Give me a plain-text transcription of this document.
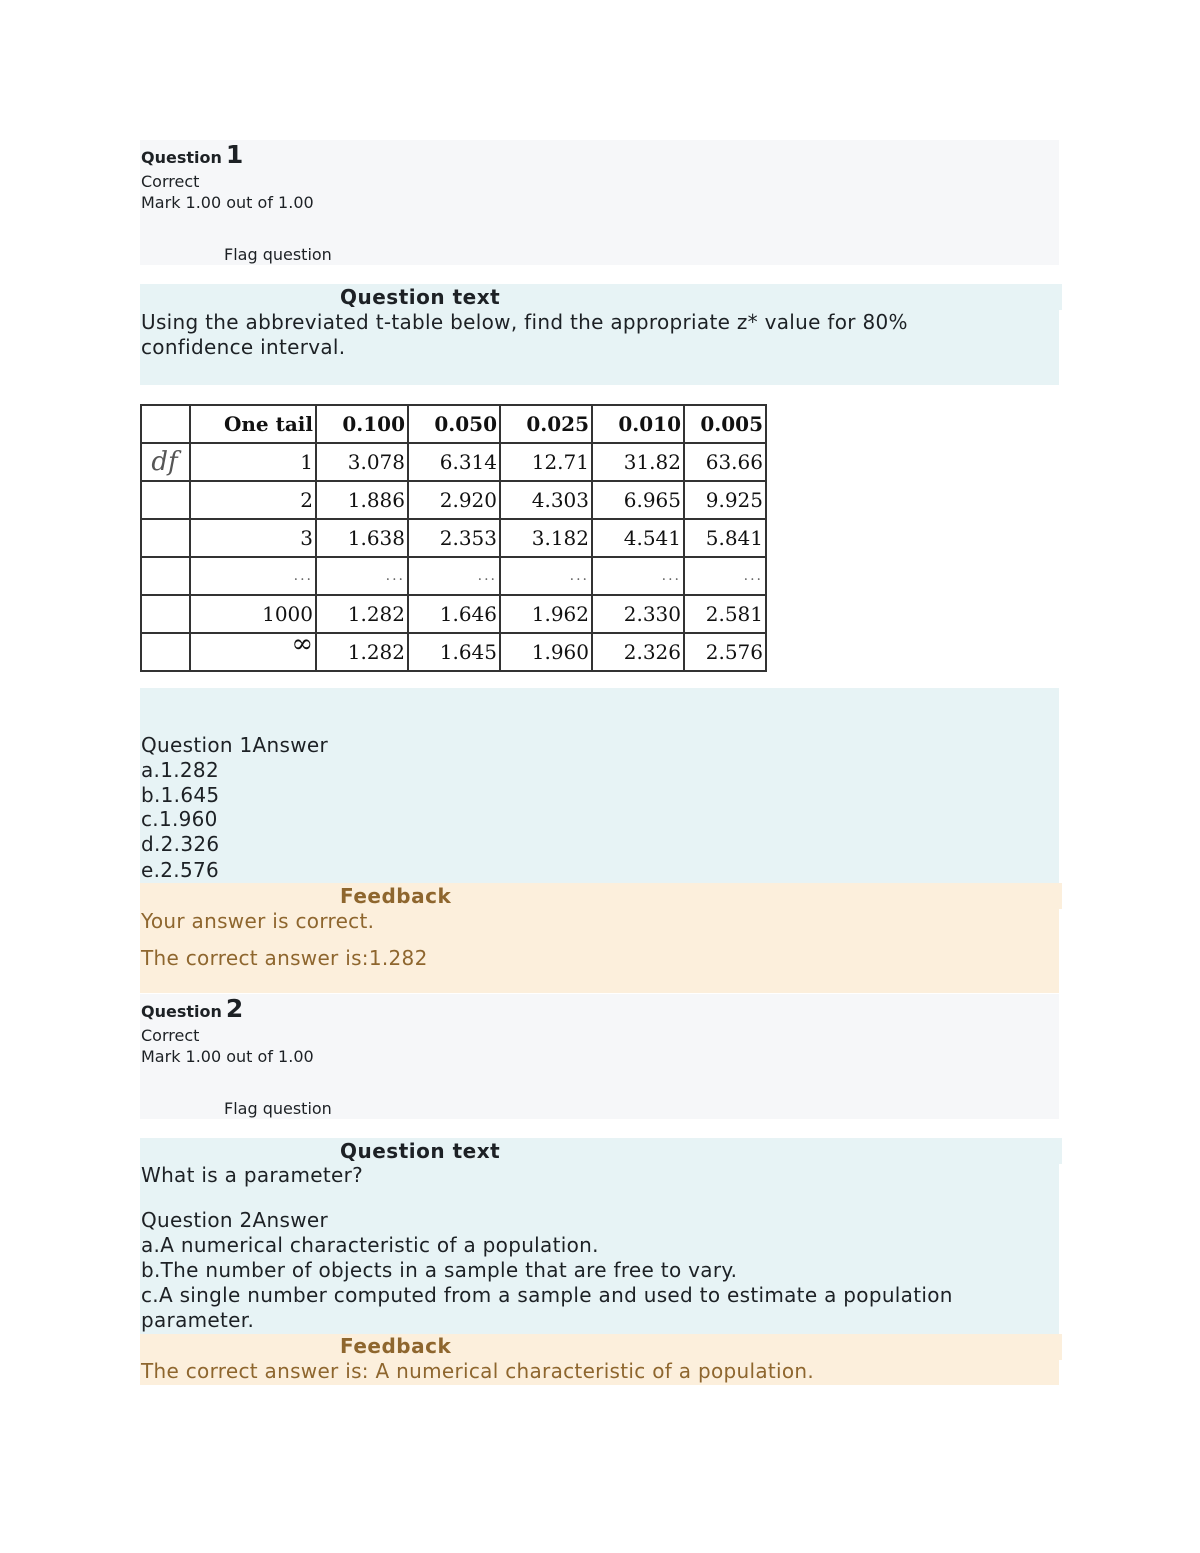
Question 1
Correct
Mark 1.00 out of 1.00
Flag question
Question text
Using the abbreviated t-table below, find the appropriate z* value for 80%
confidence interval.
	One tail	0.100	0.050	0.025	0.010	0.005
df	1	3.078	6.314	12.71	31.82	63.66
	2	1.886	2.920	4.303	6.965	9.925
	3	1.638	2.353	3.182	4.541	5.841
	...	...	...	...	...	...
	1000	1.282	1.646	1.962	2.330	2.581
	∞	1.282	1.645	1.960	2.326	2.576
Question 1Answer
a.1.282
b.1.645
c.1.960
d.2.326
e.2.576
Feedback
Your answer is correct.
The correct answer is:1.282
Question 2
Correct
Mark 1.00 out of 1.00
Flag question
Question text
What is a parameter?
Question 2Answer
a.A numerical characteristic of a population.
b.The number of objects in a sample that are free to vary.
c.A single number computed from a sample and used to estimate a population
parameter.
Feedback
The correct answer is: A numerical characteristic of a population.
